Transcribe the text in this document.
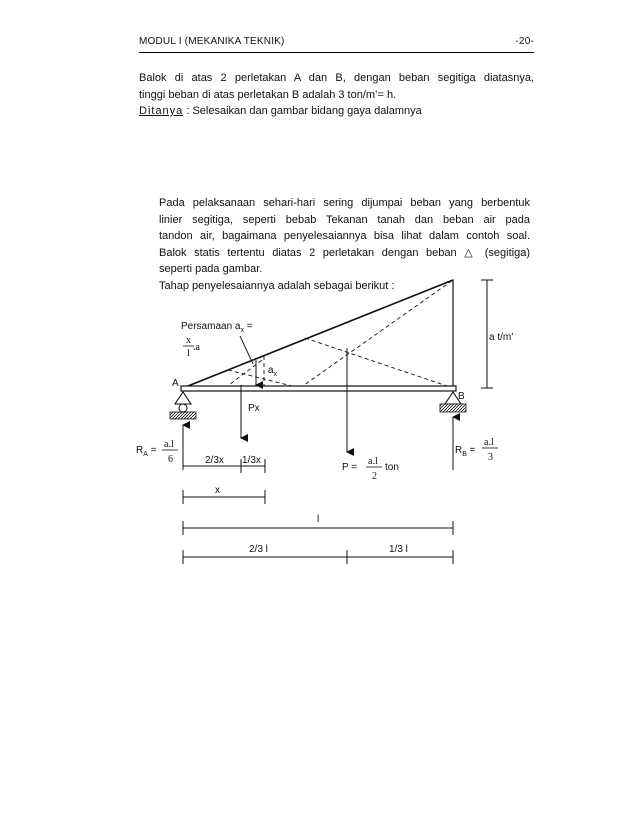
MODUL I (MEKANIKA TEKNIK)	-20-
Balok di atas 2 perletakan A dan B, dengan beban segitiga diatasnya,
tinggi beban di atas perletakan B adalah 3 ton/m’= h.
Ditanya : Selesaikan dan gambar bidang gaya dalamnya
Pada pelaksanaan sehari-hari sering dijumpai beban yang berbentuk
linier segitiga, seperti bebab Tekanan tanah dan beban air pada
tandon air, bagaimana penyelesaiannya bisa lihat dalam contoh soal.
Balok statis tertentu diatas 2 perletakan dengan beban △ (segitiga)
seperti pada gambar.
Tahap penyelesaiannya adalah sebagai berikut :
a t/m’
A
B
$a_x$
Persamaan $a_x$ =
x
l
.a
Px
P =
a.l
2
ton
$R_A$ =
a.l
6
$R_B$ =
a.l
3
2/3x 1/3x
x
l
2/3 l	1/3 l
